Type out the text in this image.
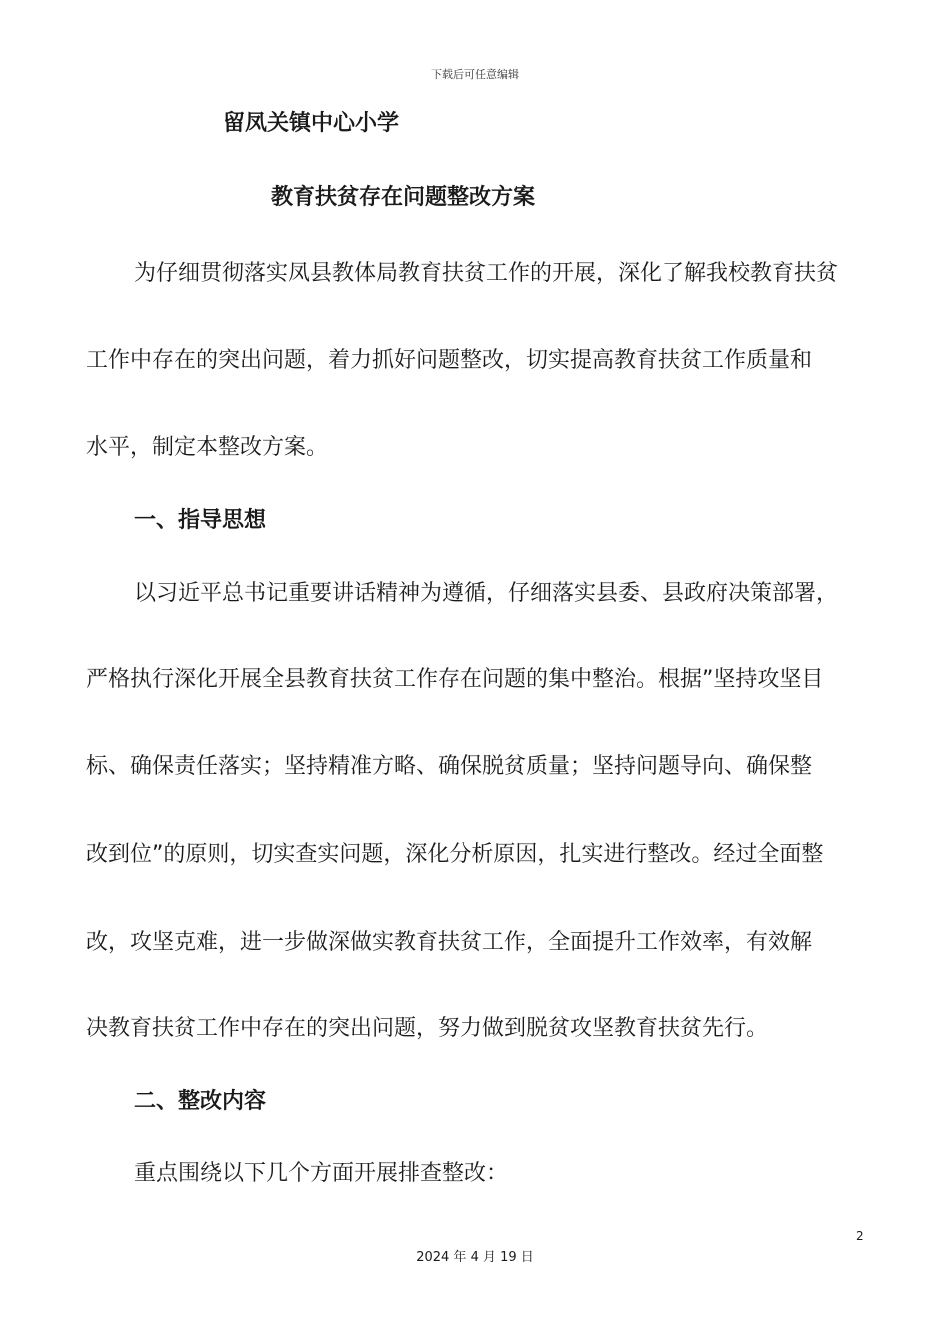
下载后可任意编辑
留凤关镇中心小学
教育扶贫存在问题整改方案
为仔细贯彻落实凤县教体局教育扶贫工作的开展，深化了解我校教育扶贫
工作中存在的突出问题，着力抓好问题整改，切实提高教育扶贫工作质量和
水平，制定本整改方案。
一、指导思想
以习近平总书记重要讲话精神为遵循，仔细落实县委、县政府决策部署，
严格执行深化开展全县教育扶贫工作存在问题的集中整治。根据”坚持攻坚目
标、确保责任落实；坚持精准方略、确保脱贫质量；坚持问题导向、确保整
改到位”的原则，切实查实问题，深化分析原因，扎实进行整改。经过全面整
改，攻坚克难，进一步做深做实教育扶贫工作，全面提升工作效率，有效解
决教育扶贫工作中存在的突出问题，努力做到脱贫攻坚教育扶贫先行。
二、整改内容
重点围绕以下几个方面开展排查整改：
2
2024 年 4 月 19 日
